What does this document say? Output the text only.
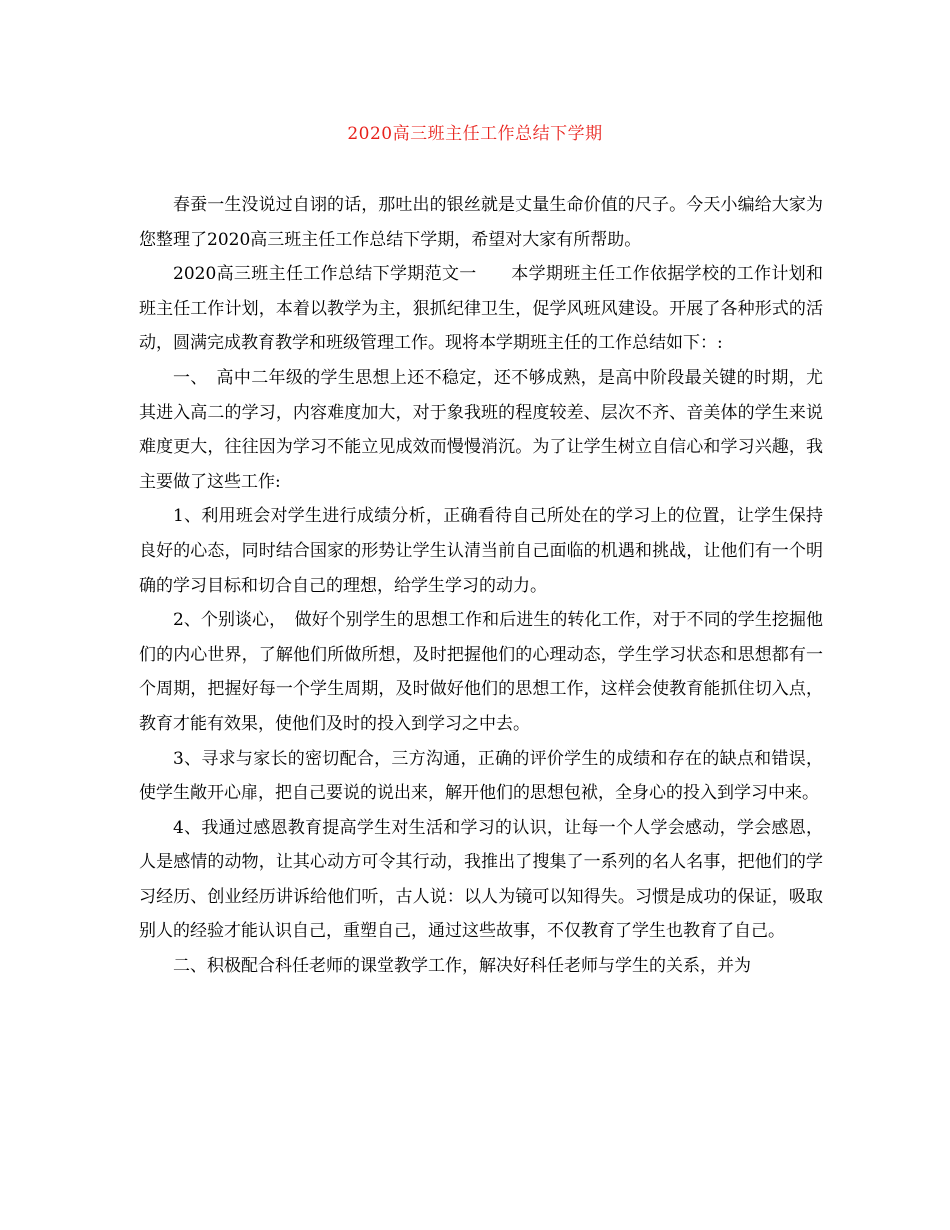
2020高三班主任工作总结下学期

春蚕一生没说过自诩的话，那吐出的银丝就是丈量生命价值的尺子。今天小编给大家为您整理了2020高三班主任工作总结下学期，希望对大家有所帮助。

2020高三班主任工作总结下学期范文一　　本学期班主任工作依据学校的工作计划和班主任工作计划，本着以教学为主，狠抓纪律卫生，促学风班风建设。开展了各种形式的活动，圆满完成教育教学和班级管理工作。现将本学期班主任的工作总结如下：:

一、　高中二年级的学生思想上还不稳定，还不够成熟，是高中阶段最关键的时期，尤其进入高二的学习，内容难度加大，对于象我班的程度较差、层次不齐、音美体的学生来说难度更大，往往因为学习不能立见成效而慢慢消沉。为了让学生树立自信心和学习兴趣，我主要做了这些工作:

1、利用班会对学生进行成绩分析，正确看待自己所处在的学习上的位置，让学生保持良好的心态，同时结合国家的形势让学生认清当前自己面临的机遇和挑战，让他们有一个明确的学习目标和切合自己的理想，给学生学习的动力。

2、个别谈心，　做好个别学生的思想工作和后进生的转化工作，对于不同的学生挖掘他们的内心世界，了解他们所做所想，及时把握他们的心理动态，学生学习状态和思想都有一个周期，把握好每一个学生周期，及时做好他们的思想工作，这样会使教育能抓住切入点，教育才能有效果，使他们及时的投入到学习之中去。

3、寻求与家长的密切配合，三方沟通，正确的评价学生的成绩和存在的缺点和错误，使学生敞开心扉，把自己要说的说出来，解开他们的思想包袱，全身心的投入到学习中来。

4、我通过感恩教育提高学生对生活和学习的认识，让每一个人学会感动，学会感恩，人是感情的动物，让其心动方可令其行动，我推出了搜集了一系列的名人名事，把他们的学习经历、创业经历讲诉给他们听，古人说：以人为镜可以知得失。习惯是成功的保证，吸取别人的经验才能认识自己，重塑自己，通过这些故事，不仅教育了学生也教育了自己。

二、积极配合科任老师的课堂教学工作，解决好科任老师与学生的关系，并为
